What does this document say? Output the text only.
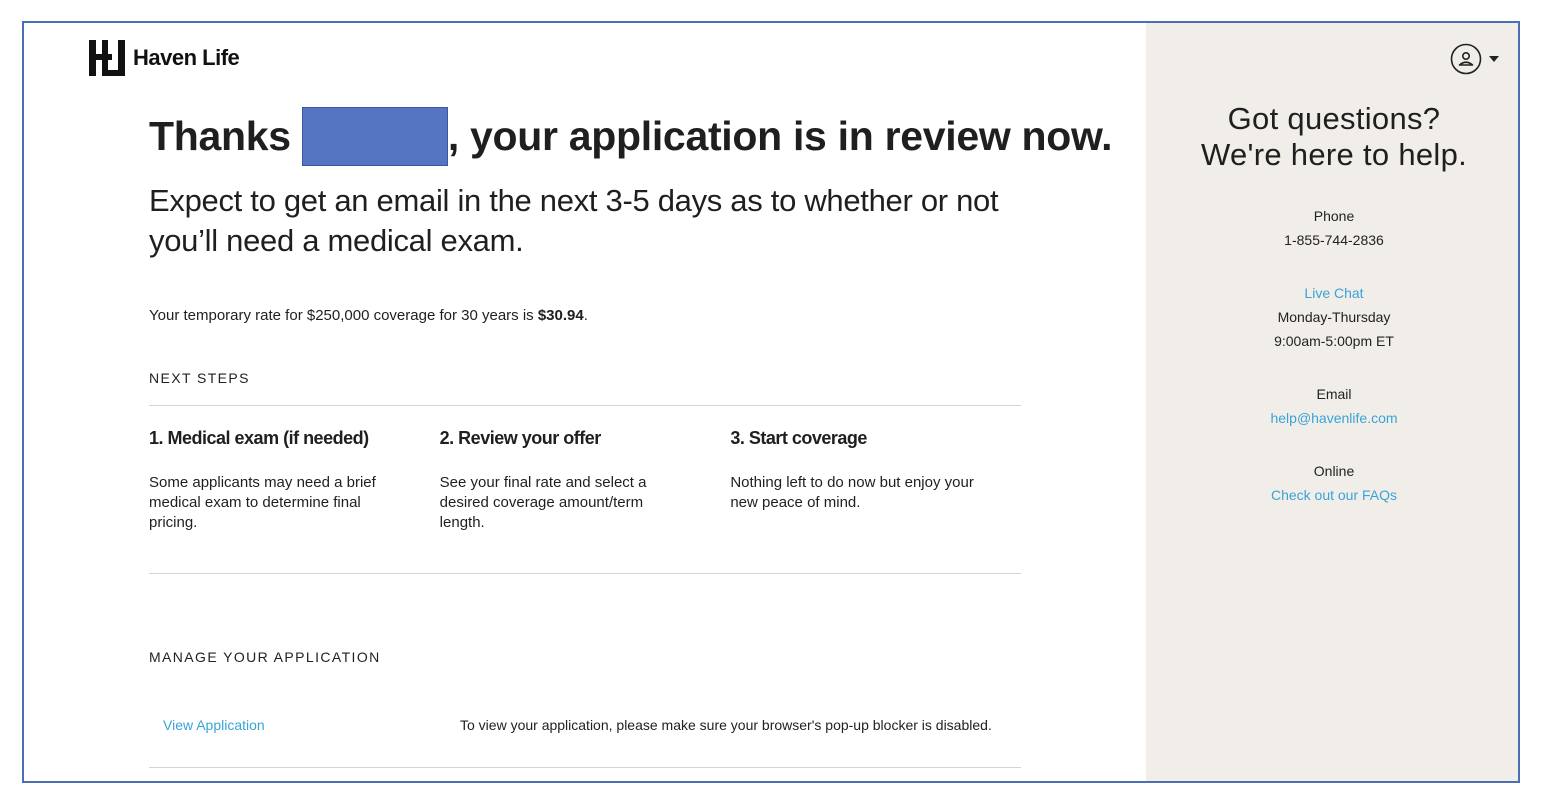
Haven Life
Thanks	, your application is in review now.
Expect to get an email in the next 3-5 days as to whether or not you’ll need a medical exam.
Your temporary rate for $250,000 coverage for 30 years is $30.94.
NEXT STEPS
1. Medical exam (if needed)
Some applicants may need a brief medical exam to determine final pricing.
2. Review your offer
See your final rate and select a desired coverage amount/term length.
3. Start coverage
Nothing left to do now but enjoy your new peace of mind.
MANAGE YOUR APPLICATION
View Application	To view your application, please make sure your browser's pop-up blocker is disabled.
Got questions?
We're here to help.
Phone
1-855-744-2836
Live Chat
Monday-Thursday
9:00am-5:00pm ET
Email
help@havenlife.com
Online
Check out our FAQs
